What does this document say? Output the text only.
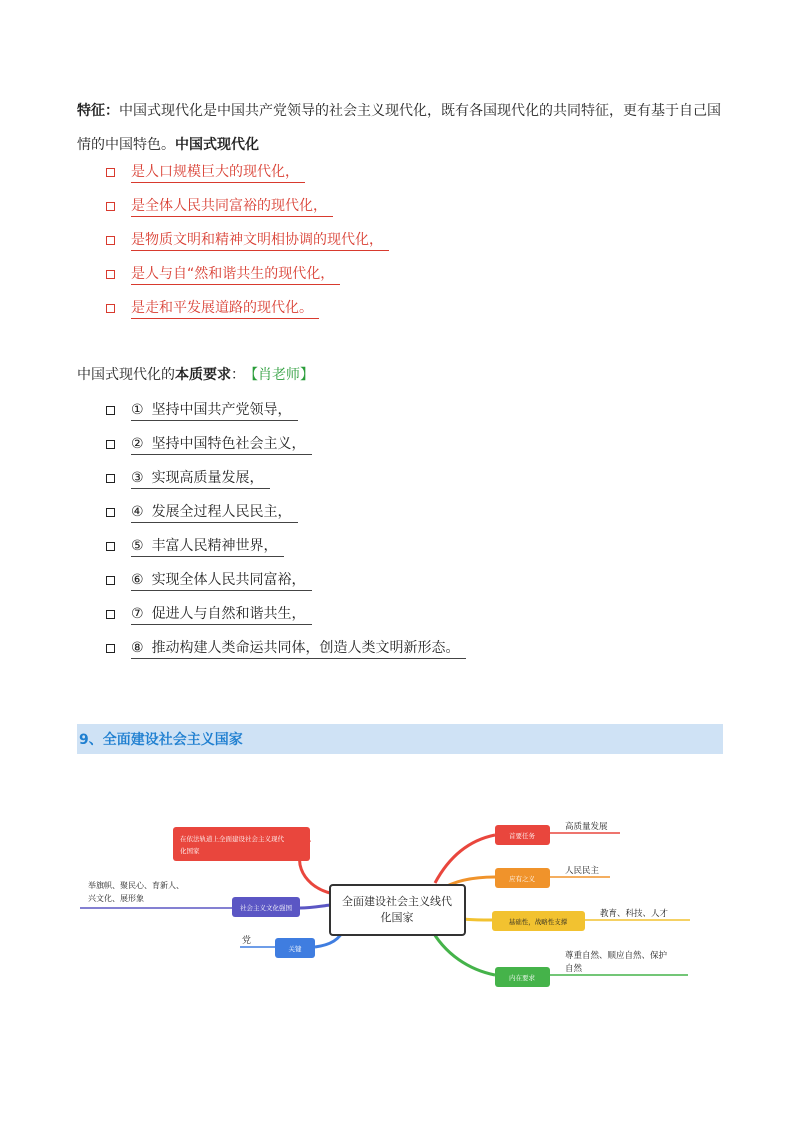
特征：中国式现代化是中国共产党领导的社会主义现代化，既有各国现代化的共同特征，更有基于自己国情的中国特色。中国式现代化
是人口规模巨大的现代化，
是全体人民共同富裕的现代化，
是物质文明和精神文明相协调的现代化，
是人与自“然和谐共生的现代化，
是走和平发展道路的现代化。
中国式现代化的本质要求： 【肖老师】
① 坚持中国共产党领导，
② 坚持中国特色社会主义，
③ 实现高质量发展，
④ 发展全过程人民民主，
⑤ 丰富人民精神世界，
⑥ 实现全体人民共同富裕，
⑦ 促进人与自然和谐共生，
⑧ 推动构建人类命运共同体，创造人类文明新形态。
9、全面建设社会主义国家
全面建设社会主义线代
化国家
在依法轨道上全面建设社会主义现代
化国家
社会主义文化强国
举旗帜、聚民心、育新人、
兴文化、展形象
关键
党
首要任务
高质量发展
应有之义
人民民主
基础性，战略性支撑
教育、科技、人才
内在要求
尊重自然、顺应自然、保护
自然
